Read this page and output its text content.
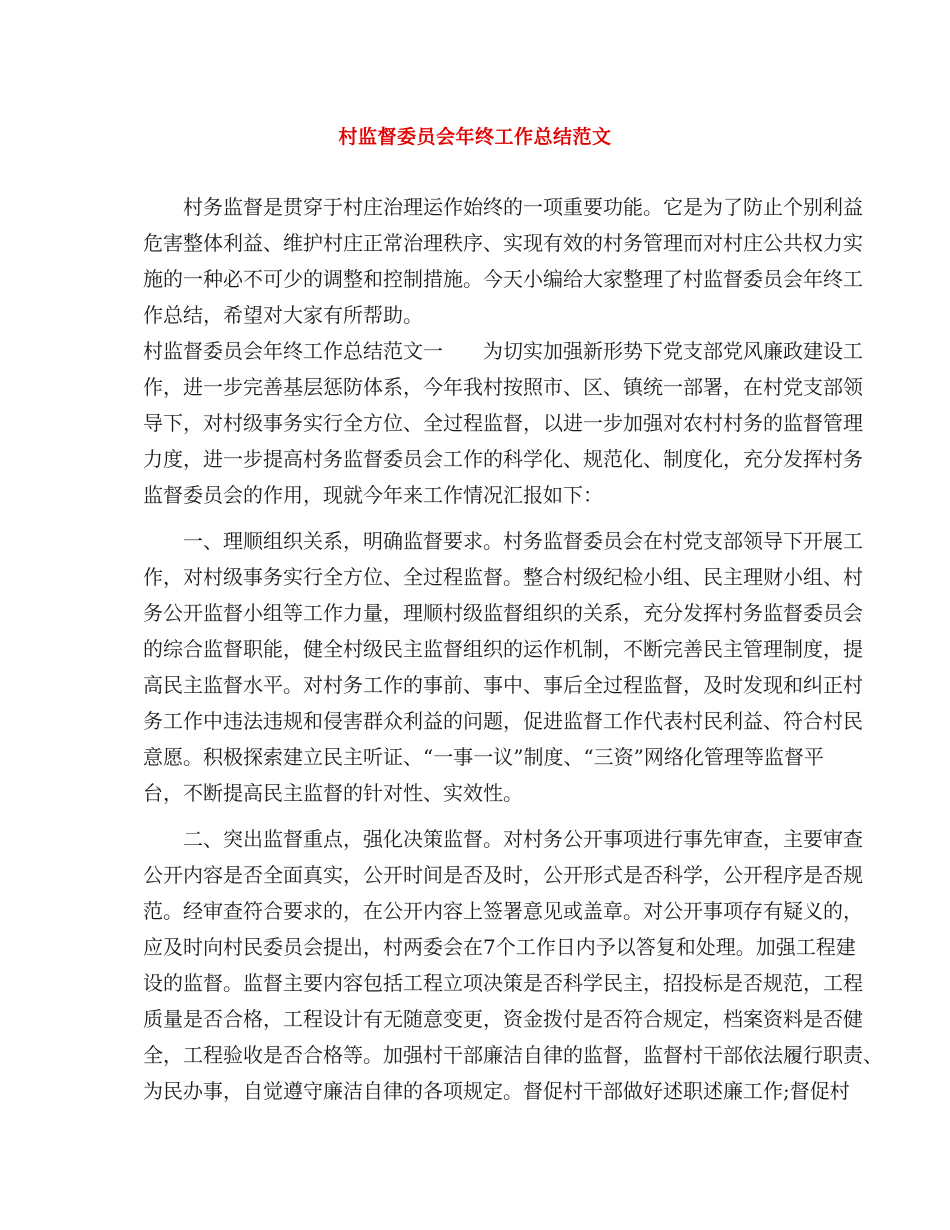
村监督委员会年终工作总结范文
村务监督是贯穿于村庄治理运作始终的一项重要功能。它是为了防止个别利益
危害整体利益、维护村庄正常治理秩序、实现有效的村务管理而对村庄公共权力实
施的一种必不可少的调整和控制措施。今天小编给大家整理了村监督委员会年终工
作总结，希望对大家有所帮助。
村监督委员会年终工作总结范文一　　为切实加强新形势下党支部党风廉政建设工
作，进一步完善基层惩防体系，今年我村按照市、区、镇统一部署，在村党支部领
导下，对村级事务实行全方位、全过程监督，以进一步加强对农村村务的监督管理
力度，进一步提高村务监督委员会工作的科学化、规范化、制度化，充分发挥村务
监督委员会的作用，现就今年来工作情况汇报如下：
一、理顺组织关系，明确监督要求。村务监督委员会在村党支部领导下开展工
作，对村级事务实行全方位、全过程监督。整合村级纪检小组、民主理财小组、村
务公开监督小组等工作力量，理顺村级监督组织的关系，充分发挥村务监督委员会
的综合监督职能，健全村级民主监督组织的运作机制，不断完善民主管理制度，提
高民主监督水平。对村务工作的事前、事中、事后全过程监督，及时发现和纠正村
务工作中违法违规和侵害群众利益的问题，促进监督工作代表村民利益、符合村民
意愿。积极探索建立民主听证、“一事一议”制度、“三资”网络化管理等监督平
台，不断提高民主监督的针对性、实效性。
二、突出监督重点，强化决策监督。对村务公开事项进行事先审查，主要审查
公开内容是否全面真实，公开时间是否及时，公开形式是否科学，公开程序是否规
范。经审查符合要求的，在公开内容上签署意见或盖章。对公开事项存有疑义的，
应及时向村民委员会提出，村两委会在7个工作日内予以答复和处理。加强工程建
设的监督。监督主要内容包括工程立项决策是否科学民主，招投标是否规范，工程
质量是否合格，工程设计有无随意变更，资金拨付是否符合规定，档案资料是否健
全，工程验收是否合格等。加强村干部廉洁自律的监督，监督村干部依法履行职责、
为民办事，自觉遵守廉洁自律的各项规定。督促村干部做好述职述廉工作;督促村
